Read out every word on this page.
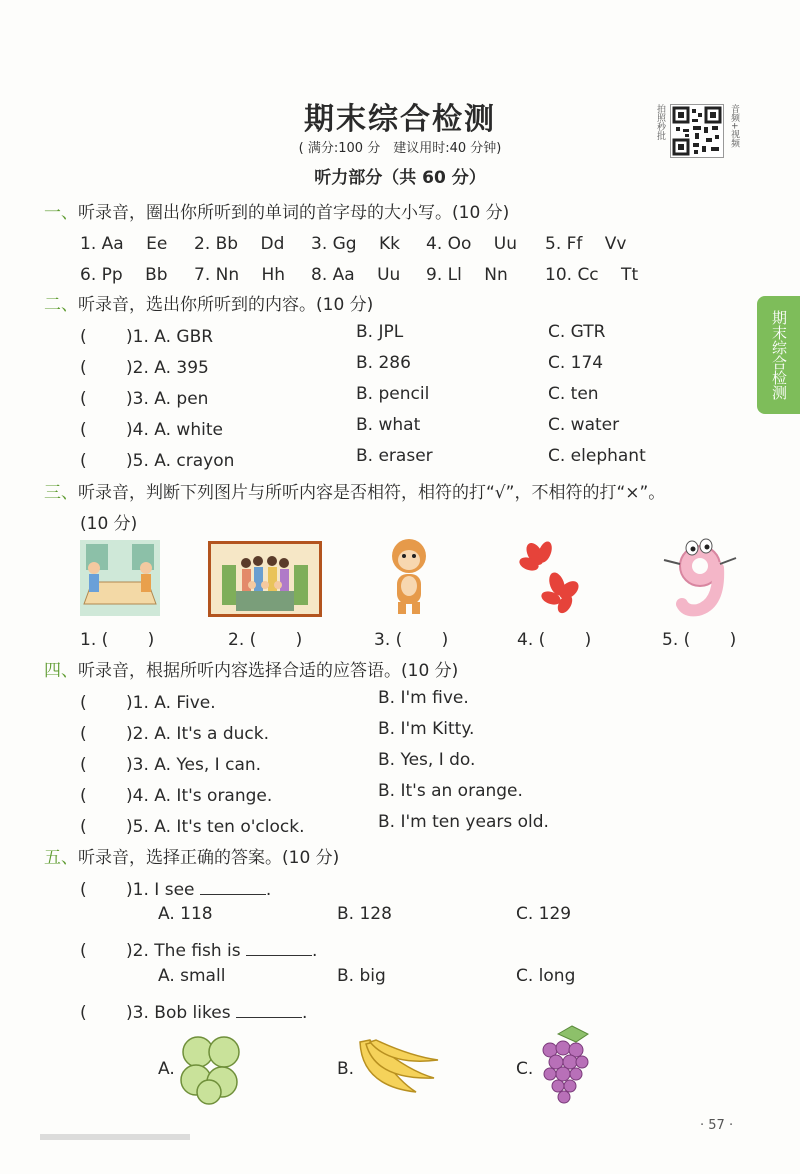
期末综合检测
( 满分:100 分　建议用时:40 分钟)
听力部分（共 60 分）
拍照秒批	音频+视频
期末综合检测
一、听录音，圈出你所听到的单词的首字母的大小写。(10 分)
1. Aa　 Ee 2. Bb　 Dd 3. Gg　 Kk 4. Oo　 Uu 5. Ff　 Vv
6. Pp　 Bb 7. Nn　 Hh 8. Aa　 Uu 9. Ll　 Nn 10. Cc　 Tt
二、听录音，选出你所听到的内容。(10 分)
(　　 )1. A. GBR	B. JPL	C. GTR
(　　 )2. A. 395	B. 286	C. 174
(　　 )3. A. pen	B. pencil	C. ten
(　　 )4. A. white	B. what	C. water
(　　 )5. A. crayon	B. eraser	C. elephant
三、听录音，判断下列图片与所听内容是否相符，相符的打“√”，不相符的打“×”。
(10 分)
1. (　　 )	2. (　　 )	3. (　　 )	4. (　　 )	5. (　　 )
四、听录音，根据所听内容选择合适的应答语。(10 分)
(　　 )1. A. Five.	B. I'm five.
(　　 )2. A. It's a duck.	B. I'm Kitty.
(　　 )3. A. Yes, I can.	B. Yes, I do.
(　　 )4. A. It's orange.	B. It's an orange.
(　　 )5. A. It's ten o'clock.	B. I'm ten years old.
五、听录音，选择正确的答案。(10 分)
(　　 )1. I see	.
A. 118	B. 128	C. 129
(　　 )2. The fish is	.
A. small	B. big	C. long
(　　 )3. Bob likes	.
A.	B.	C.
· 57 ·
